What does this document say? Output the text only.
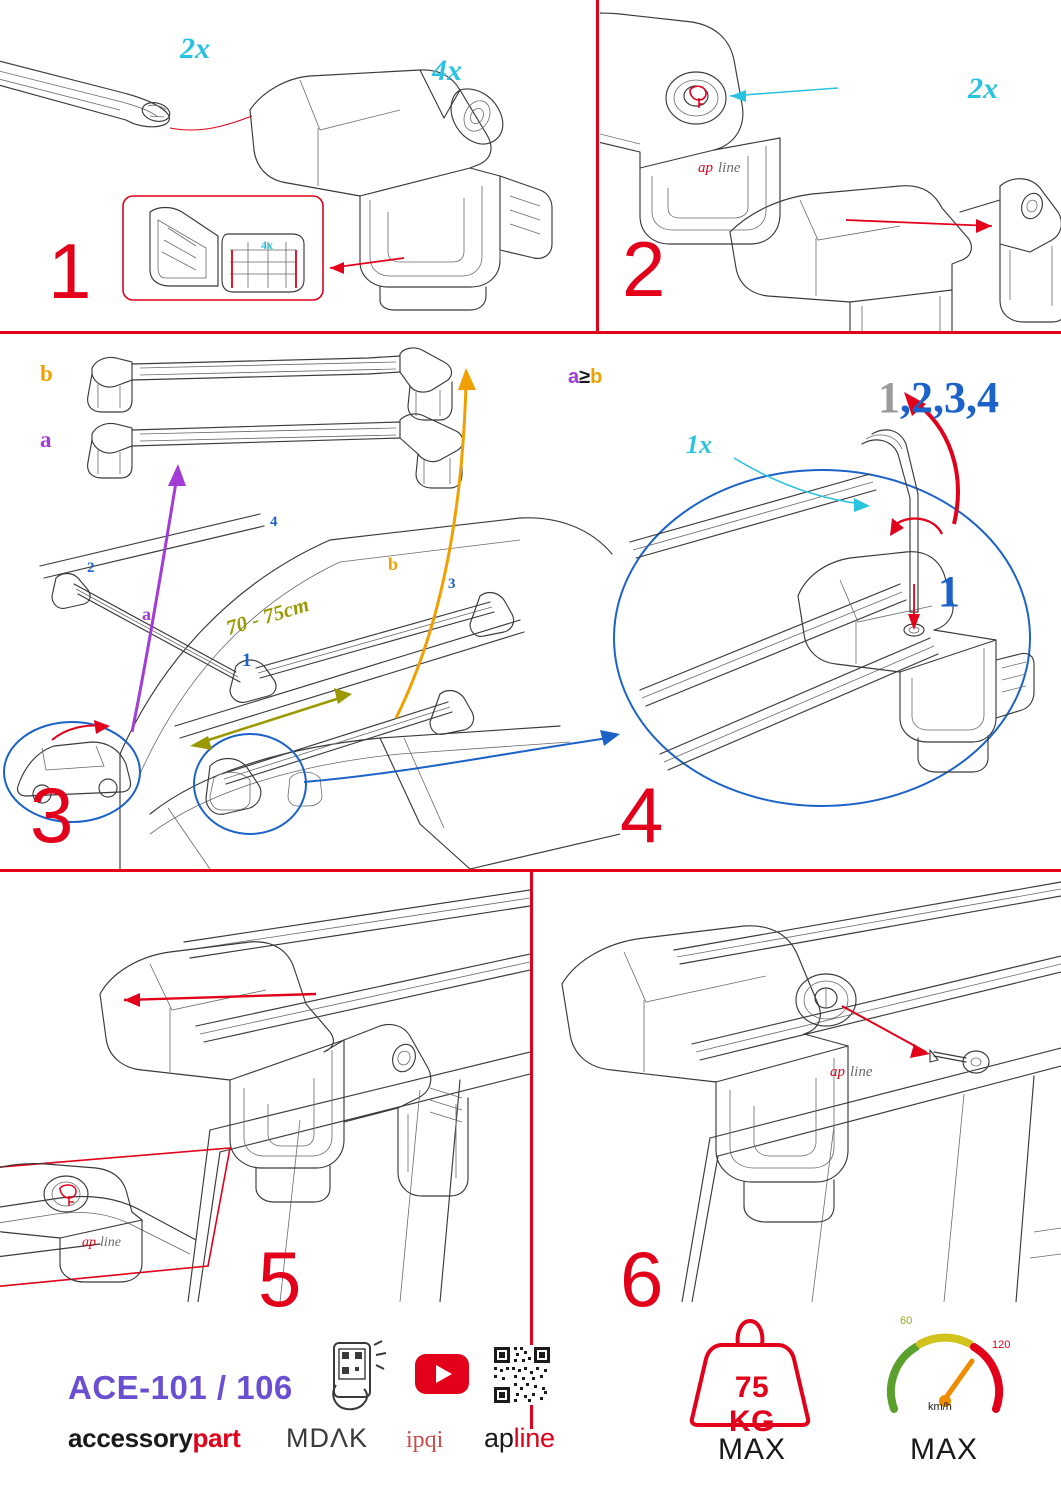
2x
4x
4x
1
ap line
2x
2
b
a
a
b
70 - 75cm
1
2
3
4
3
a≥b
1x
1,2,3,4
1
4
ap line 5
ap line
6
ACE-101 / 106
accessorypart MDΛK ipqi apline
75 KG
MAX
60
120
km/h
MAX
